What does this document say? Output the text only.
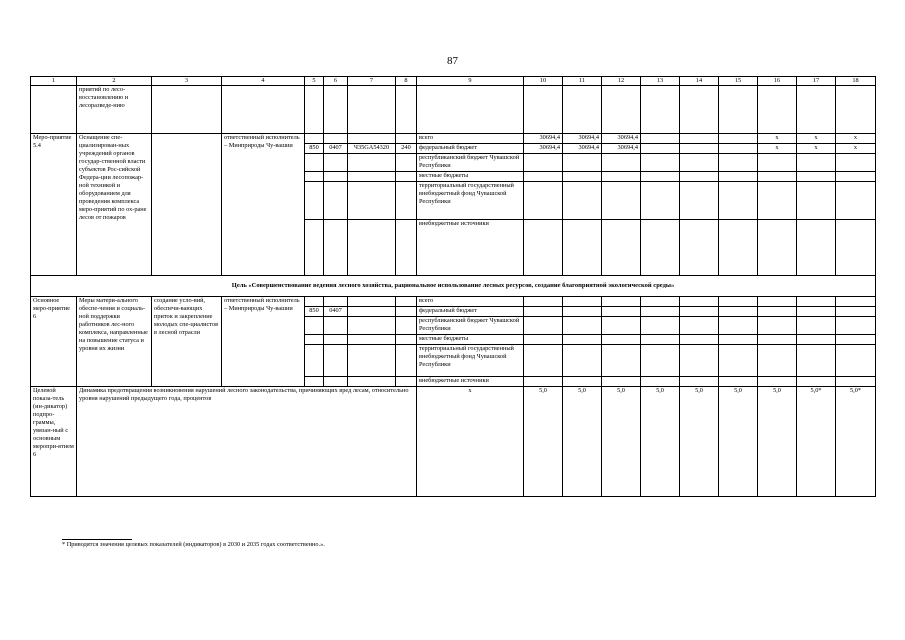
87
1	2	3	4	5	6	7	8	9	10	11	12	13	14	15	16	17	18
	приятий по лесо-восстановлению и лесоразведе-нию																
Меро-приятие 5.4	Оснащение спе-циализирован-ных учреждений органов государ-ственной власти субъектов Рос-сийской Федера-ции лесопожар-ной техникой и оборудованием для проведения комплекса меро-приятий по ох-ране лесов от пожаров		ответственный исполнитель – Минприроды Чу-вашии					всего	30694,4	30694,4	30694,4				x	x	x
				850	0407	Ч35GA54320	240	федеральный бюджет	30694,4	30694,4	30694,4				x	x	x
								республиканский бюджет Чувашской Республики									
								местные бюджеты									
								территориальный государственный внебюджетный фонд Чувашской Республики									
								внебюджетные источники									
Цель «Совершенствование ведения лесного хозяйства, рациональное использование лесных ресурсов, создание благоприятной экологической среды»																	
Основное меро-приятие 6	Меры матери-ального обеспе-чения и социаль-ной поддержки работников лес-ного комплекса, направленные на повышение статуса и уровня их жизни	создание усло-вий, обеспечи-вающих приток и закрепление молодых спе-циалистов в лесной отрасли	ответственный исполнитель – Минприроды Чу-вашии					всего									
				850	0407			федеральный бюджет									
								республиканский бюджет Чувашской Республики									
								местные бюджеты									
								территориальный государственный внебюджетный фонд Чувашской Республики									
								внебюджетные источники									
Целевой показа-тель (ин-дикатор) подпро-граммы, увязан-ный с основным меропри-ятием 6	Динамика предотвращения возникновения нарушений лесного законодательства, причиняющих вред лесам, относительно уровня нарушений предыдущего года, процентов							x	5,0	5,0	5,0	5,0	5,0	5,0	5,0	5,0*	5,0*
* Приводятся значения целевых показателей (индикаторов) в 2030 и 2035 годах соответственно.».
